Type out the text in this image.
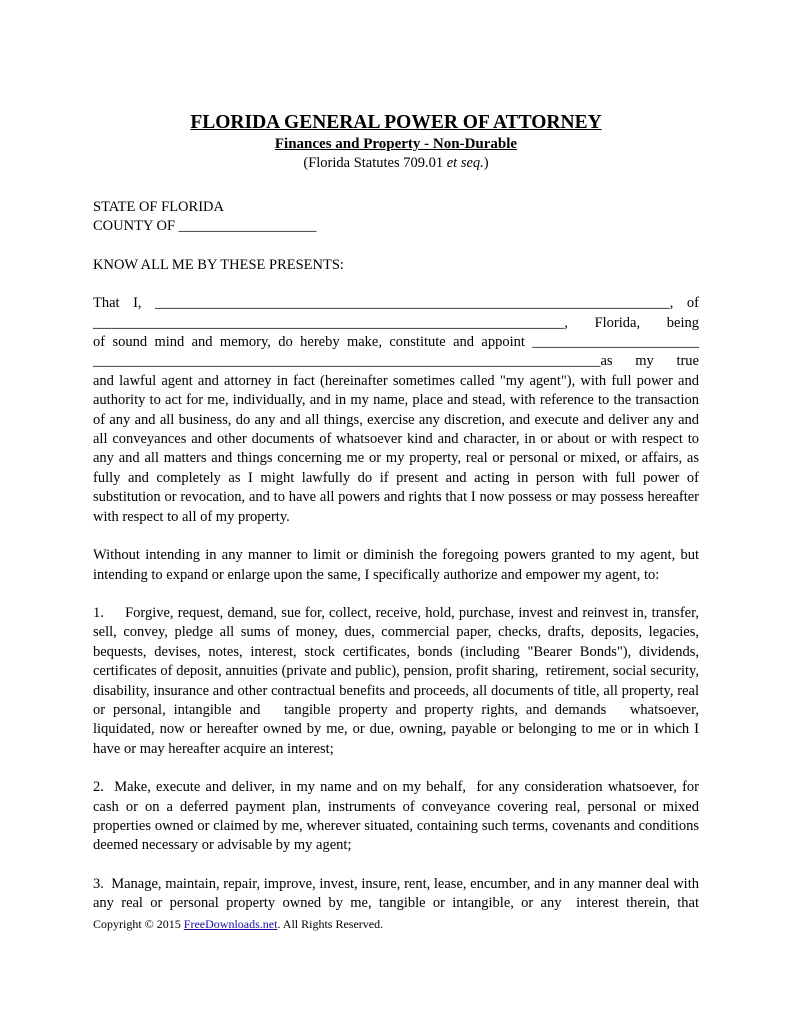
FLORIDA GENERAL POWER OF ATTORNEY

Finances and Property - Non-Durable

(Florida Statutes 709.01 et seq.)

STATE OF FLORIDA
COUNTY OF ___________________

KNOW ALL ME BY THESE PRESENTS:

That I, _______________________________________________________________________, of
_________________________________________________________________, Florida, being
of sound mind and memory, do hereby make, constitute and appoint _______________________
______________________________________________________________________as my true
and lawful agent and attorney in fact (hereinafter sometimes called "my agent"), with full power and authority to act for me, individually, and in my name, place and stead, with reference to the transaction of any and all business, do any and all things, exercise any discretion, and execute and deliver any and all conveyances and other documents of whatsoever kind and character, in or about or with respect to any and all matters and things concerning me or my property, real or personal or mixed, or affairs, as fully and completely as I might lawfully do if present and acting in person with full power of substitution or revocation, and to have all powers and rights that I now possess or may possess hereafter with respect to all of my property.

Without intending in any manner to limit or diminish the foregoing powers granted to my agent, but intending to expand or enlarge upon the same, I specifically authorize and empower my agent, to:

1.     Forgive, request, demand, sue for, collect, receive, hold, purchase, invest and reinvest in, transfer, sell, convey, pledge all sums of money, dues, commercial paper, checks, drafts, deposits, legacies, bequests, devises, notes, interest, stock certificates, bonds (including "Bearer Bonds"), dividends, certificates of deposit, annuities (private and public), pension, profit sharing,  retirement, social security, disability, insurance and other contractual benefits and proceeds, all documents of title, all property, real or personal, intangible and   tangible property and property rights, and demands   whatsoever, liquidated, now or hereafter owned by me, or due, owning, payable or belonging to me or in which I  have or may hereafter acquire an interest;

2.  Make, execute and deliver, in my name and on my behalf,  for any consideration whatsoever, for cash or on a deferred payment plan, instruments of conveyance covering real, personal or mixed properties owned or claimed by me, wherever situated, containing such terms, covenants and conditions deemed necessary or advisable by my agent;

3.  Manage, maintain, repair, improve, invest, insure, rent, lease, encumber, and in any manner deal with any real or personal property owned by me, tangible or intangible, or any  interest therein, that

Copyright © 2015 FreeDownloads.net. All Rights Reserved.
